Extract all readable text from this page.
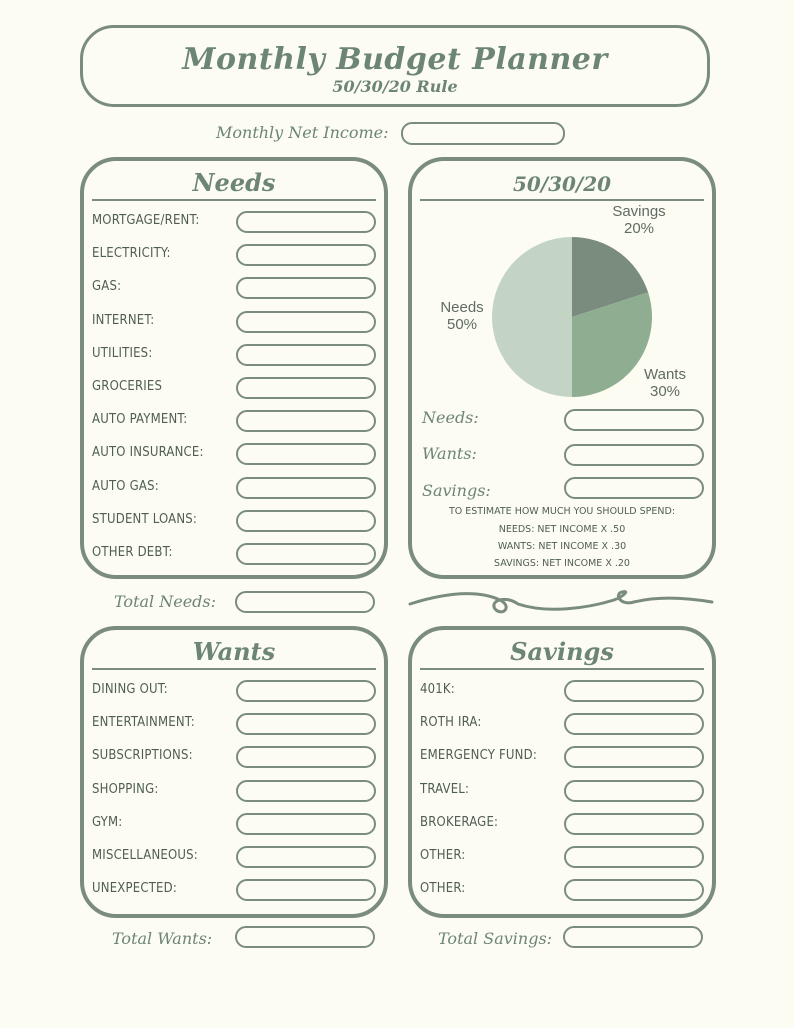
Monthly Budget Planner
50/30/20 Rule
Monthly Net Income:
Needs
MORTGAGE/RENT:
ELECTRICITY:
GAS:
INTERNET:
UTILITIES:
GROCERIES
AUTO PAYMENT:
AUTO INSURANCE:
AUTO GAS:
STUDENT LOANS:
OTHER DEBT:
Total Needs:
50/30/20
Savings
20%
Wants
30%
Needs
50%
Needs:
Wants:
Savings:
TO ESTIMATE HOW MUCH YOU SHOULD SPEND:
NEEDS: NET INCOME X .50
WANTS: NET INCOME X .30
SAVINGS: NET INCOME X .20
Wants
DINING OUT:
ENTERTAINMENT:
SUBSCRIPTIONS:
SHOPPING:
GYM:
MISCELLANEOUS:
UNEXPECTED:
Total Wants:
Savings
401K:
ROTH IRA:
EMERGENCY FUND:
TRAVEL:
BROKERAGE:
OTHER:
OTHER:
Total Savings:
